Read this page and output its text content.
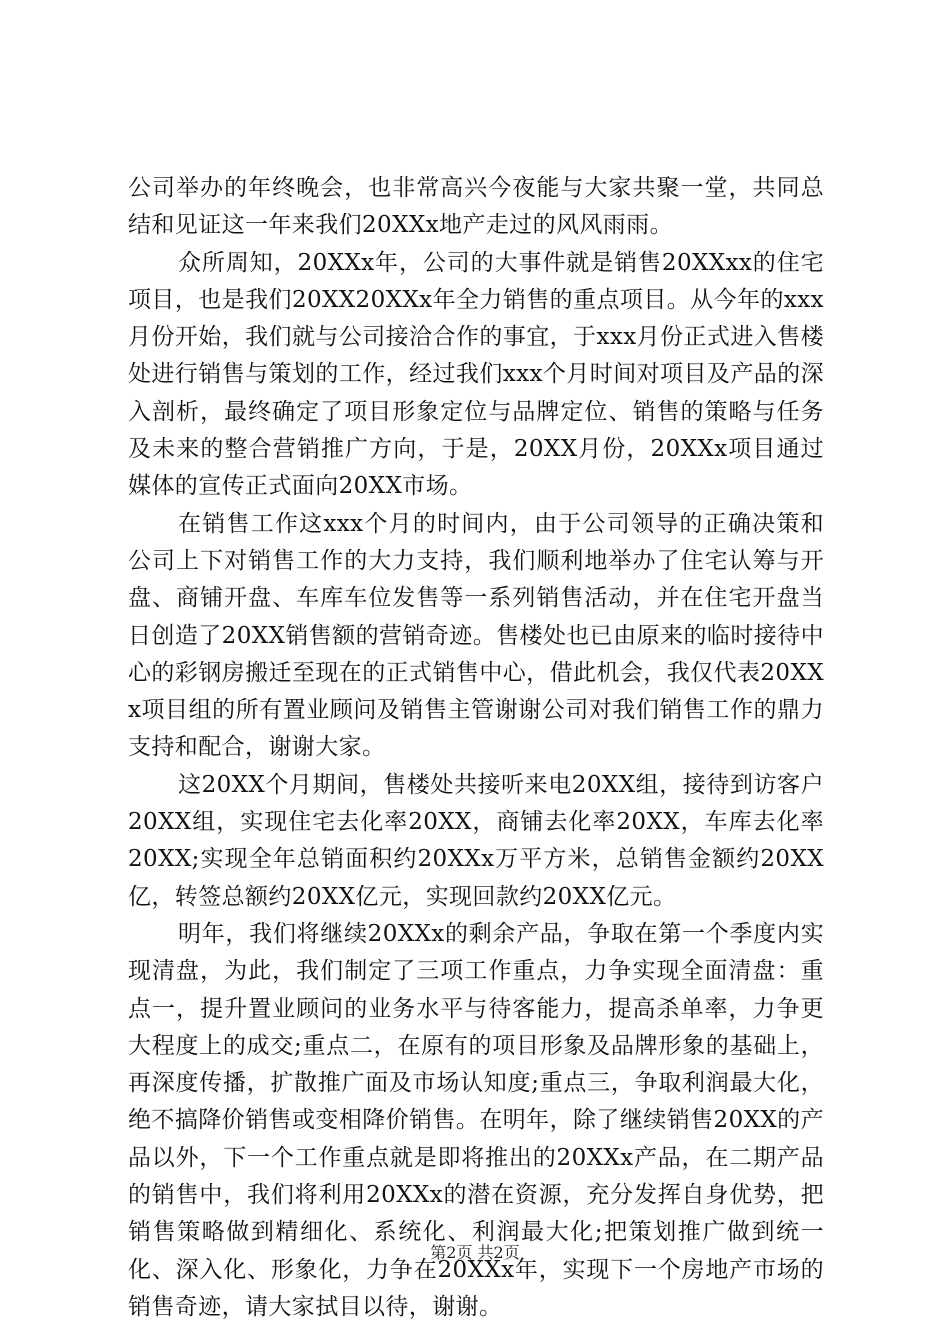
公司举办的年终晚会，也非常高兴今夜能与大家共聚一堂，共同总结和见证这一年来我们20XXx地产走过的风风雨雨。

众所周知，20XXx年，公司的大事件就是销售20XXxx的住宅项目，也是我们20XX20XXx年全力销售的重点项目。从今年的xxx月份开始，我们就与公司接洽合作的事宜，于xxx月份正式进入售楼处进行销售与策划的工作，经过我们xxx个月时间对项目及产品的深入剖析，最终确定了项目形象定位与品牌定位、销售的策略与任务及未来的整合营销推广方向，于是，20XX月份，20XXx项目通过媒体的宣传正式面向20XX市场。

在销售工作这xxx个月的时间内，由于公司领导的正确决策和公司上下对销售工作的大力支持，我们顺利地举办了住宅认筹与开盘、商铺开盘、车库车位发售等一系列销售活动，并在住宅开盘当日创造了20XX销售额的营销奇迹。售楼处也已由原来的临时接待中心的彩钢房搬迁至现在的正式销售中心，借此机会，我仅代表20XXx项目组的所有置业顾问及销售主管谢谢公司对我们销售工作的鼎力支持和配合，谢谢大家。

这20XX个月期间，售楼处共接听来电20XX组，接待到访客户20XX组，实现住宅去化率20XX，商铺去化率20XX，车库去化率20XX;实现全年总销面积约20XXx万平方米，总销售金额约20XX亿，转签总额约20XX亿元，实现回款约20XX亿元。

明年，我们将继续20XXx的剩余产品，争取在第一个季度内实现清盘，为此，我们制定了三项工作重点，力争实现全面清盘：重点一，提升置业顾问的业务水平与待客能力，提高杀单率，力争更大程度上的成交;重点二，在原有的项目形象及品牌形象的基础上，再深度传播，扩散推广面及市场认知度;重点三，争取利润最大化，绝不搞降价销售或变相降价销售。在明年，除了继续销售20XX的产品以外，下一个工作重点就是即将推出的20XXx产品，在二期产品的销售中，我们将利用20XXx的潜在资源，充分发挥自身优势，把销售策略做到精细化、系统化、利润最大化;把策划推广做到统一化、深入化、形象化，力争在20XXx年，实现下一个房地产市场的销售奇迹，请大家拭目以待，谢谢。

第2页 共2页
